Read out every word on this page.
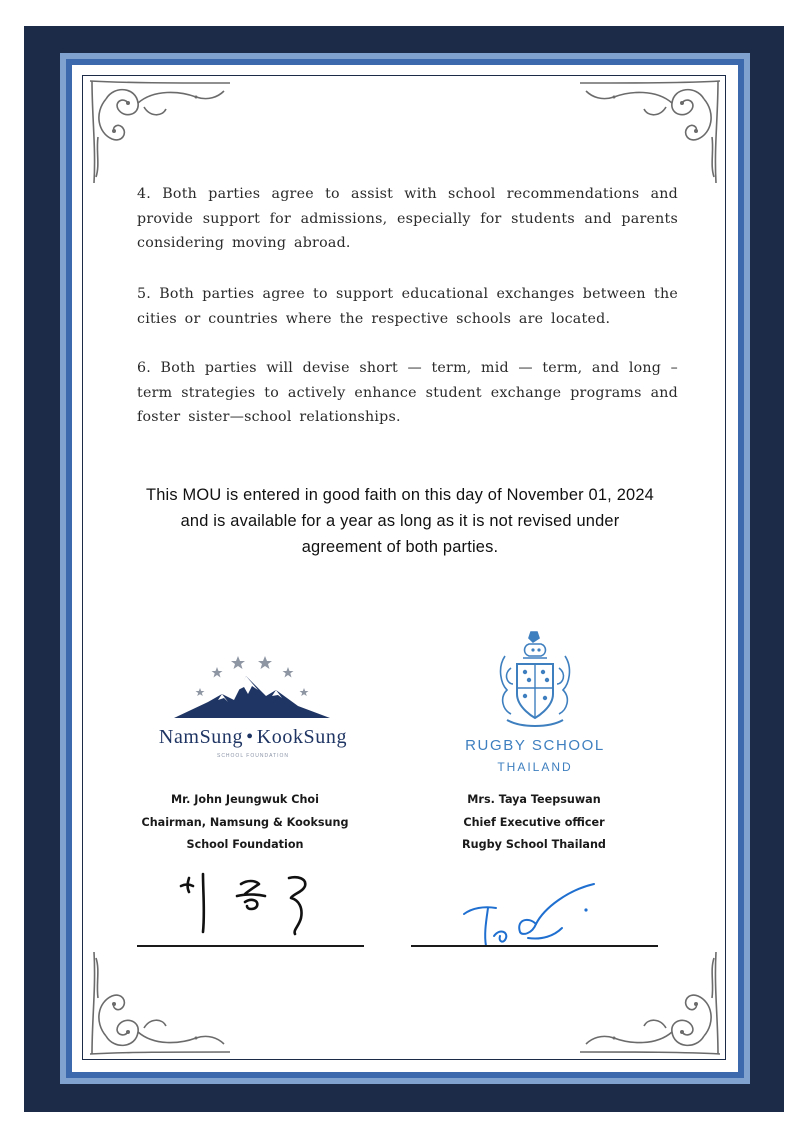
4. Both parties agree to assist with school recommendations and provide support for admissions, especially for students and parents considering moving abroad.

5. Both parties agree to support educational exchanges between the cities or countries where the respective schools are located.

6. Both parties will devise short — term, mid — term, and long – term strategies to actively enhance student exchange programs and foster sister—school relationships.

This MOU is entered in good faith on this day of November 01, 2024
and is available for a year as long as it is not revised under
agreement of both parties.
NamSung • KookSung
SCHOOL FOUNDATION
RUGBY SCHOOL
THAILAND
Mr. John Jeungwuk Choi
Chairman, Namsung & Kooksung
School Foundation
Mrs. Taya Teepsuwan
Chief Executive officer
Rugby School Thailand
